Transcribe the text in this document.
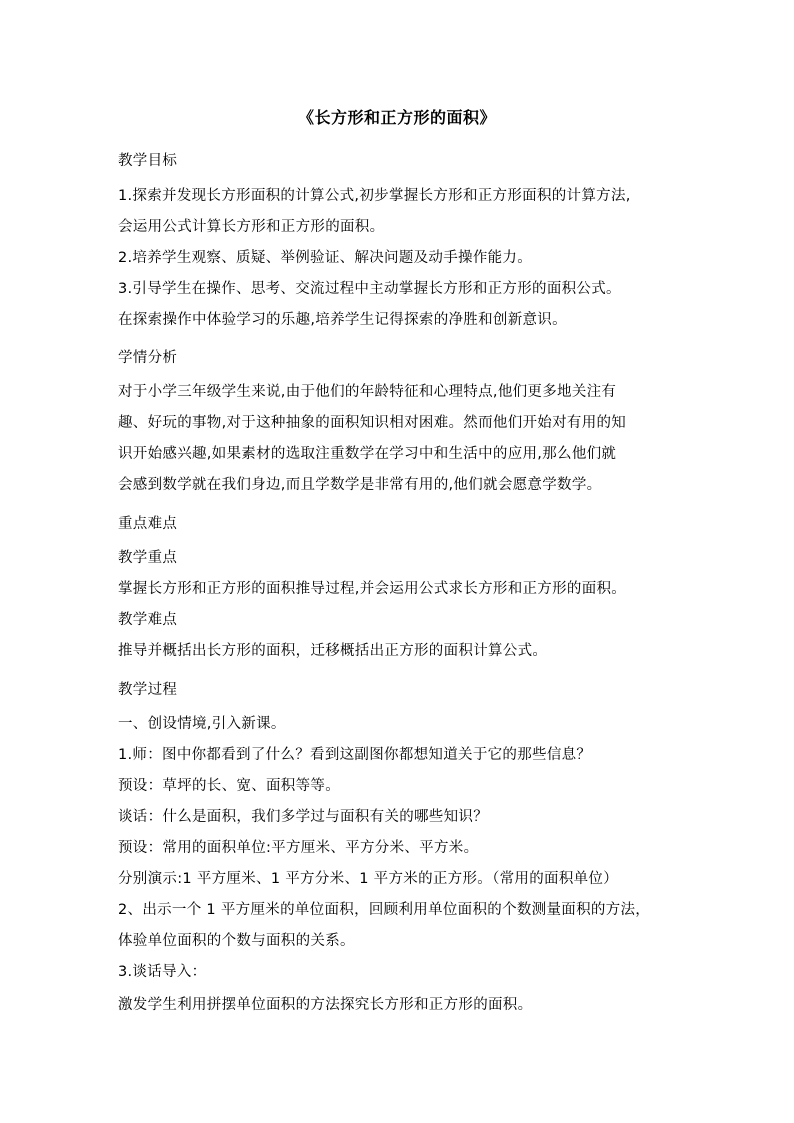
《长方形和正方形的面积》
教学目标
1.探索并发现长方形面积的计算公式,初步掌握长方形和正方形面积的计算方法,
会运用公式计算长方形和正方形的面积。
2.培养学生观察、质疑、举例验证、解决问题及动手操作能力。
3.引导学生在操作、思考、交流过程中主动掌握长方形和正方形的面积公式。
在探索操作中体验学习的乐趣,培养学生记得探索的净胜和创新意识。
学情分析
对于小学三年级学生来说,由于他们的年龄特征和心理特点,他们更多地关注有
趣、好玩的事物,对于这种抽象的面积知识相对困难。然而他们开始对有用的知
识开始感兴趣,如果素材的选取注重数学在学习中和生活中的应用,那么他们就
会感到数学就在我们身边,而且学数学是非常有用的,他们就会愿意学数学。
重点难点
教学重点
掌握长方形和正方形的面积推导过程,并会运用公式求长方形和正方形的面积。
教学难点
推导并概括出长方形的面积，迁移概括出正方形的面积计算公式。
教学过程
一、创设情境,引入新课。
1.师：图中你都看到了什么？看到这副图你都想知道关于它的那些信息？
预设：草坪的长、宽、面积等等。
谈话：什么是面积，我们多学过与面积有关的哪些知识？
预设：常用的面积单位:平方厘米、平方分米、平方米。
分别演示:1 平方厘米、1 平方分米、1 平方米的正方形。（常用的面积单位）
2、出示一个 1 平方厘米的单位面积，回顾利用单位面积的个数测量面积的方法，
体验单位面积的个数与面积的关系。
3.谈话导入：
激发学生利用拼摆单位面积的方法探究长方形和正方形的面积。
